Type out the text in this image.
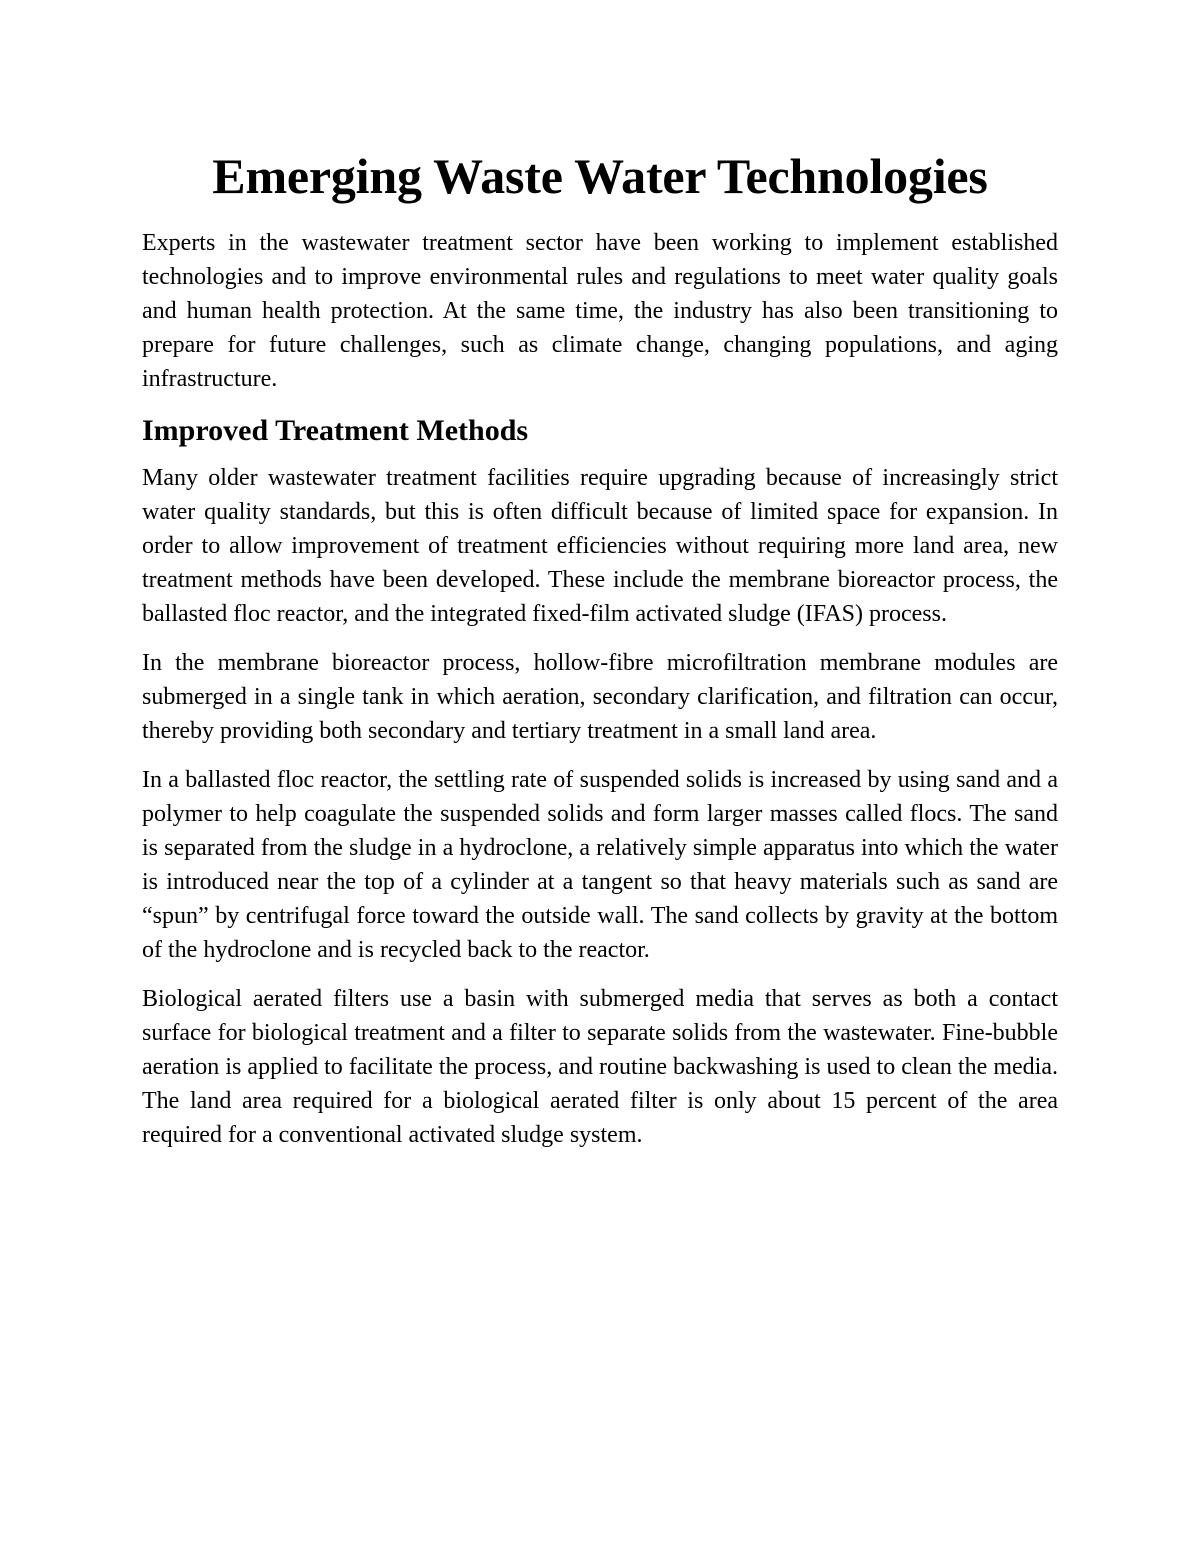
Emerging Waste Water Technologies

Experts in the wastewater treatment sector have been working to implement established technologies and to improve environmental rules and regulations to meet water quality goals and human health protection. At the same time, the industry has also been transitioning to prepare for future challenges, such as climate change, changing populations, and aging infrastructure.

Improved Treatment Methods

Many older wastewater treatment facilities require upgrading because of increasingly strict water quality standards, but this is often difficult because of limited space for expansion. In order to allow improvement of treatment efficiencies without requiring more land area, new treatment methods have been developed. These include the membrane bioreactor process, the ballasted floc reactor, and the integrated fixed-film activated sludge (IFAS) process.

In the membrane bioreactor process, hollow-fibre microfiltration membrane modules are submerged in a single tank in which aeration, secondary clarification, and filtration can occur, thereby providing both secondary and tertiary treatment in a small land area.

In a ballasted floc reactor, the settling rate of suspended solids is increased by using sand and a polymer to help coagulate the suspended solids and form larger masses called flocs. The sand is separated from the sludge in a hydroclone, a relatively simple apparatus into which the water is introduced near the top of a cylinder at a tangent so that heavy materials such as sand are “spun” by centrifugal force toward the outside wall. The sand collects by gravity at the bottom of the hydroclone and is recycled back to the reactor.

Biological aerated filters use a basin with submerged media that serves as both a contact surface for biological treatment and a filter to separate solids from the wastewater. Fine-bubble aeration is applied to facilitate the process, and routine backwashing is used to clean the media. The land area required for a biological aerated filter is only about 15 percent of the area required for a conventional activated sludge system.
